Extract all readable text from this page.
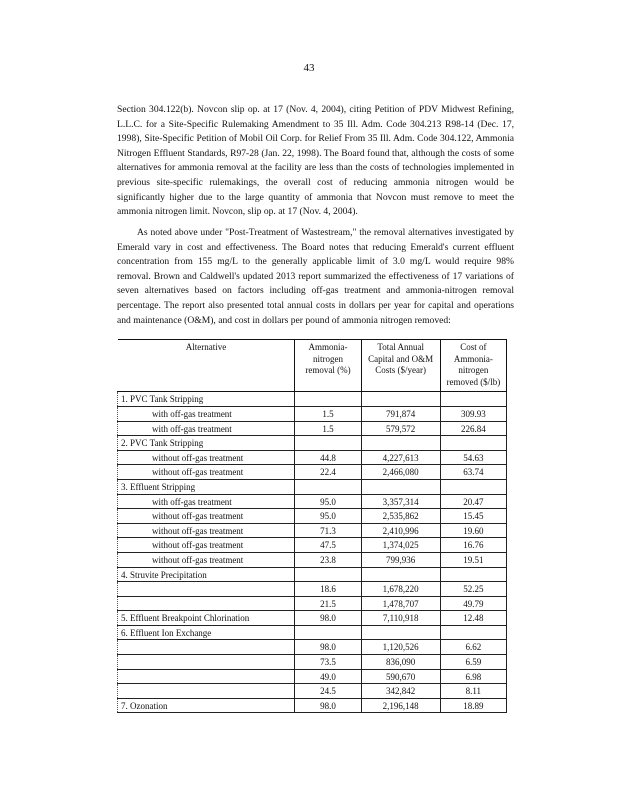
43

Section 304.122(b). Novcon slip op. at 17 (Nov. 4, 2004), citing Petition of PDV Midwest Refining, L.L.C. for a Site-Specific Rulemaking Amendment to 35 Ill. Adm. Code 304.213 R98-14 (Dec. 17, 1998), Site-Specific Petition of Mobil Oil Corp. for Relief From 35 Ill. Adm. Code 304.122, Ammonia Nitrogen Effluent Standards, R97-28 (Jan. 22, 1998). The Board found that, although the costs of some alternatives for ammonia removal at the facility are less than the costs of technologies implemented in previous site-specific rulemakings, the overall cost of reducing ammonia nitrogen would be significantly higher due to the large quantity of ammonia that Novcon must remove to meet the ammonia nitrogen limit. Novcon, slip op. at 17 (Nov. 4, 2004).

As noted above under "Post-Treatment of Wastestream," the removal alternatives investigated by Emerald vary in cost and effectiveness. The Board notes that reducing Emerald's current effluent concentration from 155 mg/L to the generally applicable limit of 3.0 mg/L would require 98% removal. Brown and Caldwell's updated 2013 report summarized the effectiveness of 17 variations of seven alternatives based on factors including off-gas treatment and ammonia-nitrogen removal percentage. The report also presented total annual costs in dollars per year for capital and operations and maintenance (O&M), and cost in dollars per pound of ammonia nitrogen removed:

Alternative	Ammonia-nitrogen removal (%)	Total Annual Capital and O&M Costs ($/year)	Cost of Ammonia-nitrogen removed ($/lb)
1. PVC Tank Stripping			
with off-gas treatment	1.5	791,874	309.93
with off-gas treatment	1.5	579,572	226.84
2. PVC Tank Stripping			
without off-gas treatment	44.8	4,227,613	54.63
without off-gas treatment	22.4	2,466,080	63.74
3. Effluent Stripping			
with off-gas treatment	95.0	3,357,314	20.47
without off-gas treatment	95.0	2,535,862	15.45
without off-gas treatment	71.3	2,410,996	19.60
without off-gas treatment	47.5	1,374,025	16.76
without off-gas treatment	23.8	799,936	19.51
4. Struvite Precipitation			
	18.6	1,678,220	52.25
	21.5	1,478,707	49.79
5. Effluent Breakpoint Chlorination	98.0	7,110,918	12.48
6. Effluent Ion Exchange			
	98.0	1,120,526	6.62
	73.5	836,090	6.59
	49.0	590,670	6.98
	24.5	342,842	8.11
7. Ozonation	98.0	2,196,148	18.89
